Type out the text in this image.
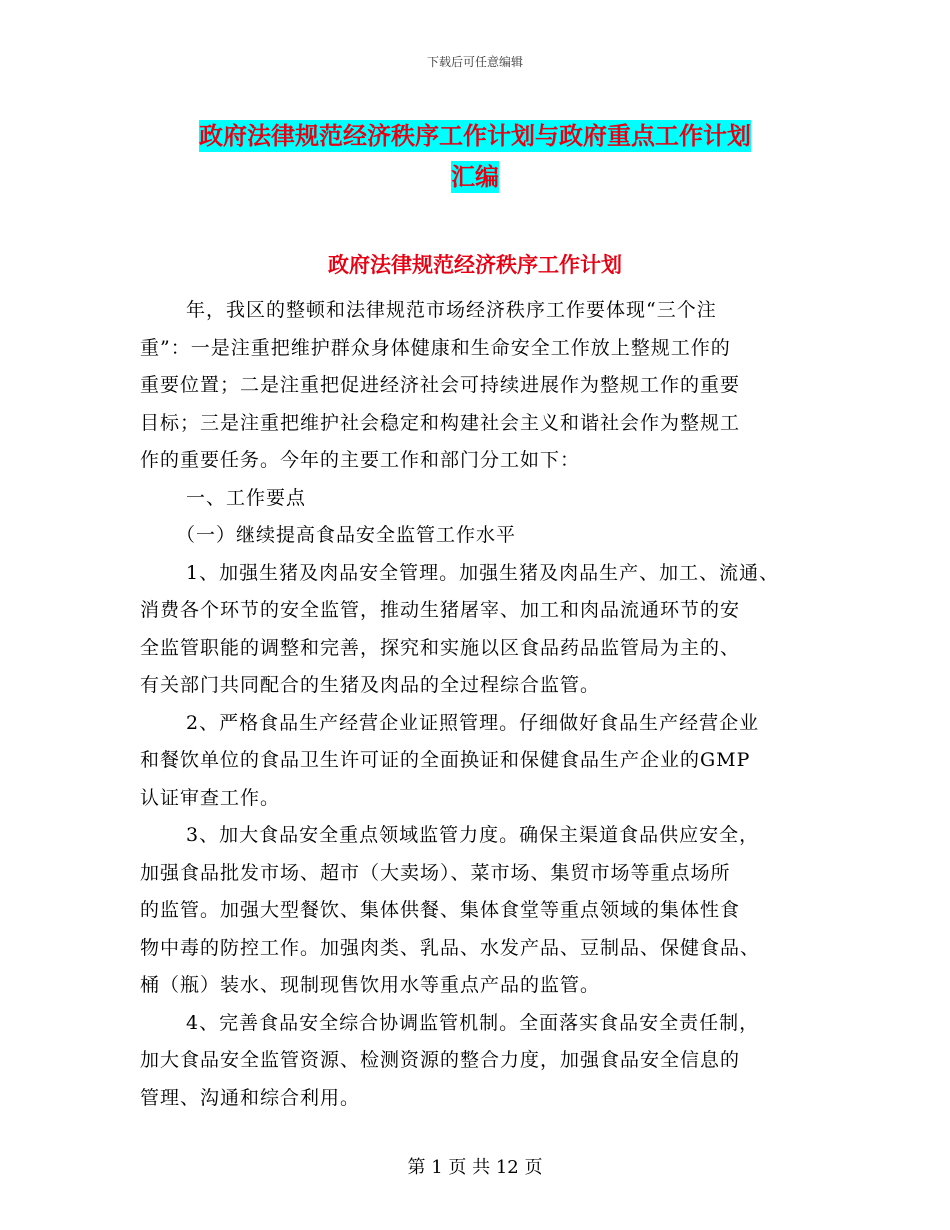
下载后可任意编辑
政府法律规范经济秩序工作计划与政府重点工作计划
汇编
政府法律规范经济秩序工作计划
年，我区的整顿和法律规范市场经济秩序工作要体现“三个注
重”：一是注重把维护群众身体健康和生命安全工作放上整规工作的
重要位置；二是注重把促进经济社会可持续进展作为整规工作的重要
目标；三是注重把维护社会稳定和构建社会主义和谐社会作为整规工
作的重要任务。今年的主要工作和部门分工如下：
一、工作要点
（一）继续提高食品安全监管工作水平
1、加强生猪及肉品安全管理。加强生猪及肉品生产、加工、流通、
消费各个环节的安全监管，推动生猪屠宰、加工和肉品流通环节的安
全监管职能的调整和完善，探究和实施以区食品药品监管局为主的、
有关部门共同配合的生猪及肉品的全过程综合监管。
2、严格食品生产经营企业证照管理。仔细做好食品生产经营企业
和餐饮单位的食品卫生许可证的全面换证和保健食品生产企业的GMP
认证审查工作。
3、加大食品安全重点领域监管力度。确保主渠道食品供应安全，
加强食品批发市场、超市（大卖场）、菜市场、集贸市场等重点场所
的监管。加强大型餐饮、集体供餐、集体食堂等重点领域的集体性食
物中毒的防控工作。加强肉类、乳品、水发产品、豆制品、保健食品、
桶（瓶）装水、现制现售饮用水等重点产品的监管。
4、完善食品安全综合协调监管机制。全面落实食品安全责任制，
加大食品安全监管资源、检测资源的整合力度，加强食品安全信息的
管理、沟通和综合利用。
第 1 页 共 12 页
